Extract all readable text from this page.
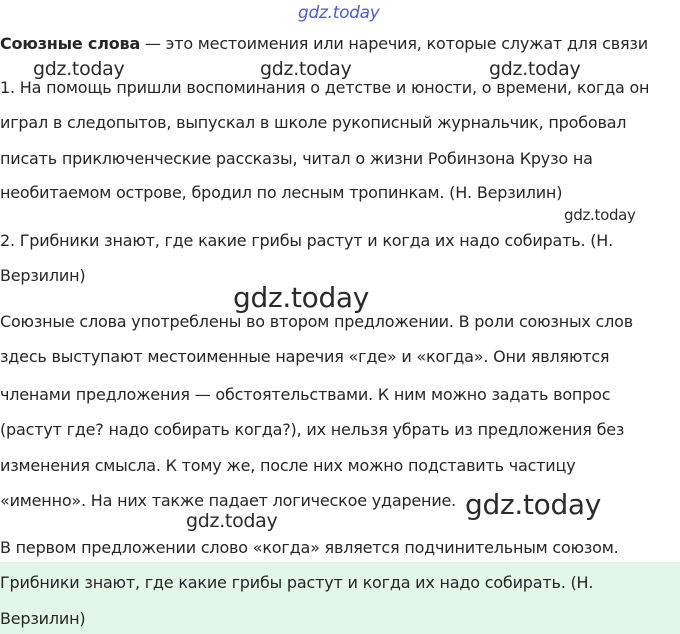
gdz.today
Союзные слова — это местоимения или наречия, которые служат для связи
gdz.today	gdz.today	gdz.today
1. На помощь пришли воспоминания о детстве и юности, о времени, когда он
играл в следопытов, выпускал в школе рукописный журнальчик, пробовал
писать приключенческие рассказы, читал о жизни Робинзона Крузо на
необитаемом острове, бродил по лесным тропинкам. (Н. Верзилин)
gdz.today
2. Грибники знают, где какие грибы растут и когда их надо собирать. (Н.
Верзилин)
gdz.today
Союзные слова употреблены во втором предложении. В роли союзных слов
здесь выступают местоименные наречия «где» и «когда». Они являются
членами предложения — обстоятельствами. К ним можно задать вопрос
(растут где? надо собирать когда?), их нельзя убрать из предложения без
изменения смысла. К тому же, после них можно подставить частицу
«именно». На них также падает логическое ударение. gdz.today
gdz.today
В первом предложении слово «когда» является подчинительным союзом.
Грибники знают, где какие грибы растут и когда их надо собирать. (Н.
Верзилин)
